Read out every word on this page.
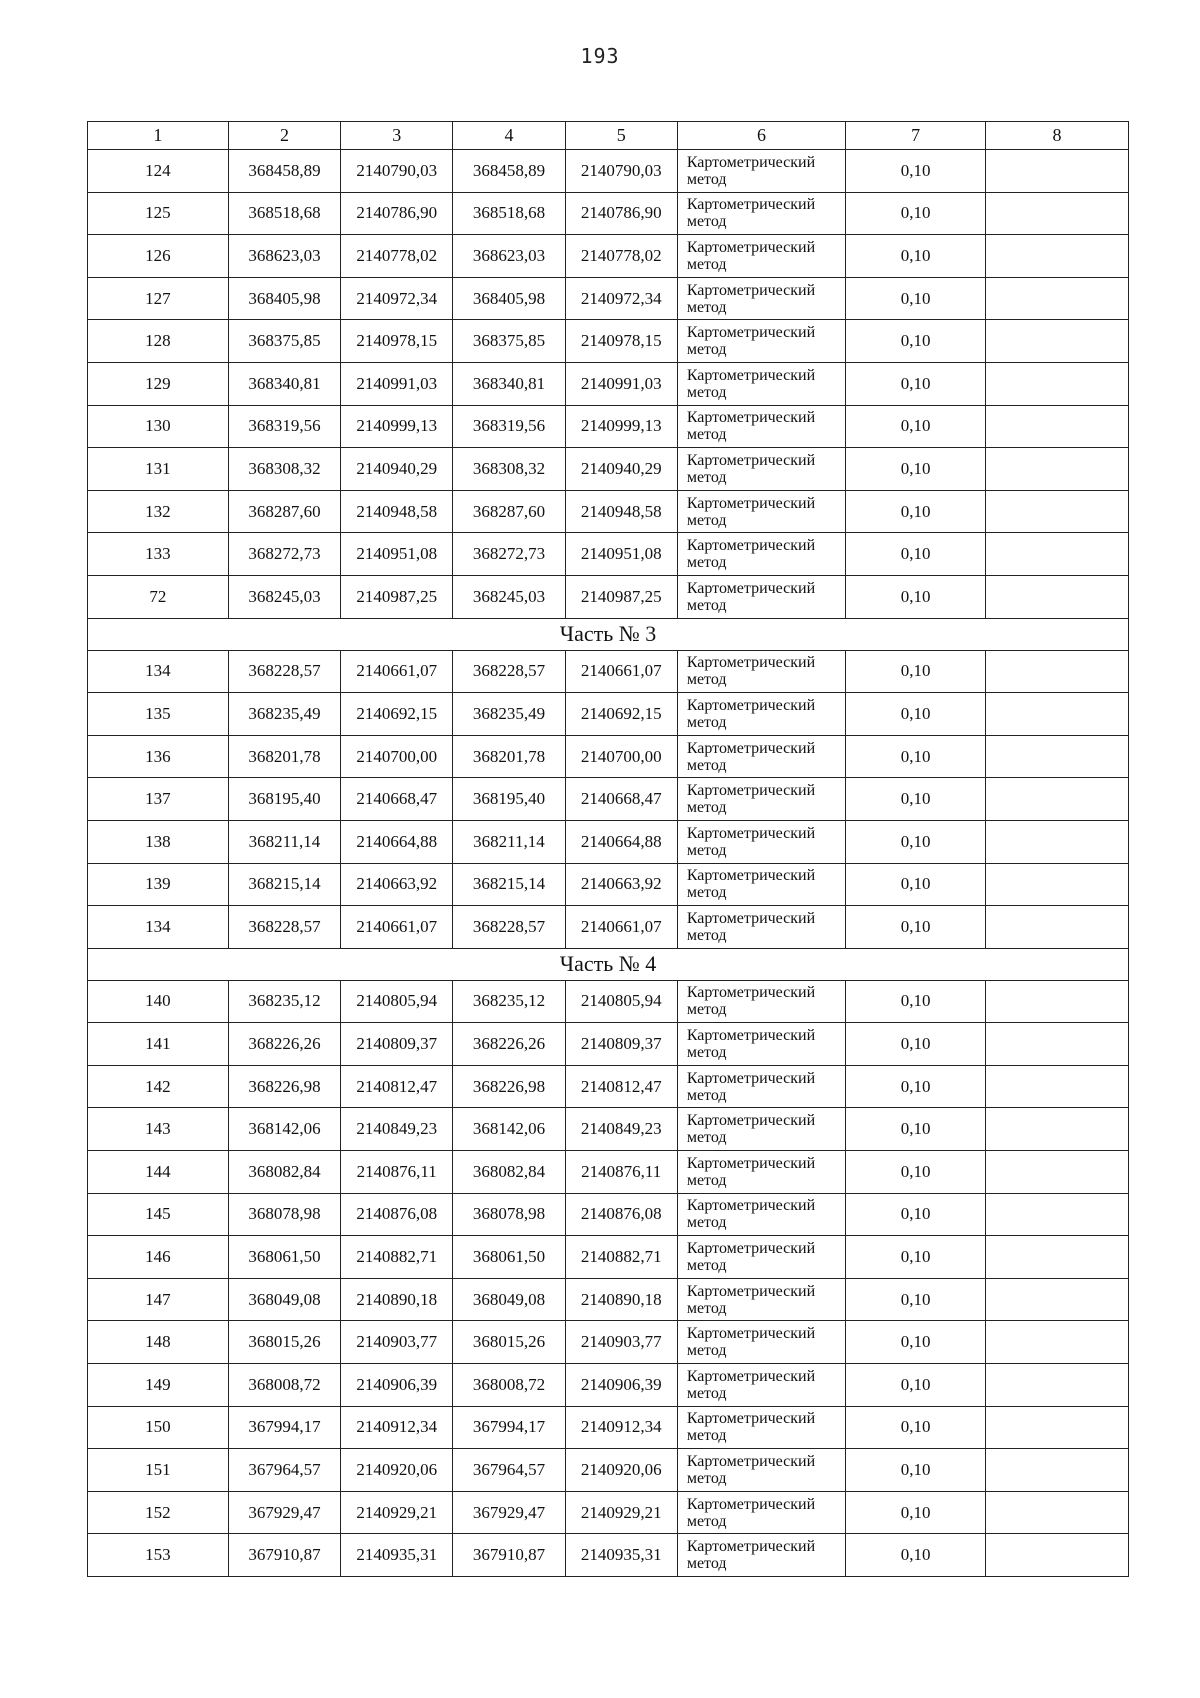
193
1	2	3	4	5	6	7	8
124	368458,89	2140790,03	368458,89	2140790,03	Картометрический метод	0,10	
125	368518,68	2140786,90	368518,68	2140786,90	Картометрический метод	0,10	
126	368623,03	2140778,02	368623,03	2140778,02	Картометрический метод	0,10	
127	368405,98	2140972,34	368405,98	2140972,34	Картометрический метод	0,10	
128	368375,85	2140978,15	368375,85	2140978,15	Картометрический метод	0,10	
129	368340,81	2140991,03	368340,81	2140991,03	Картометрический метод	0,10	
130	368319,56	2140999,13	368319,56	2140999,13	Картометрический метод	0,10	
131	368308,32	2140940,29	368308,32	2140940,29	Картометрический метод	0,10	
132	368287,60	2140948,58	368287,60	2140948,58	Картометрический метод	0,10	
133	368272,73	2140951,08	368272,73	2140951,08	Картометрический метод	0,10	
72	368245,03	2140987,25	368245,03	2140987,25	Картометрический метод	0,10	
Часть № 3							
134	368228,57	2140661,07	368228,57	2140661,07	Картометрический метод	0,10	
135	368235,49	2140692,15	368235,49	2140692,15	Картометрический метод	0,10	
136	368201,78	2140700,00	368201,78	2140700,00	Картометрический метод	0,10	
137	368195,40	2140668,47	368195,40	2140668,47	Картометрический метод	0,10	
138	368211,14	2140664,88	368211,14	2140664,88	Картометрический метод	0,10	
139	368215,14	2140663,92	368215,14	2140663,92	Картометрический метод	0,10	
134	368228,57	2140661,07	368228,57	2140661,07	Картометрический метод	0,10	
Часть № 4							
140	368235,12	2140805,94	368235,12	2140805,94	Картометрический метод	0,10	
141	368226,26	2140809,37	368226,26	2140809,37	Картометрический метод	0,10	
142	368226,98	2140812,47	368226,98	2140812,47	Картометрический метод	0,10	
143	368142,06	2140849,23	368142,06	2140849,23	Картометрический метод	0,10	
144	368082,84	2140876,11	368082,84	2140876,11	Картометрический метод	0,10	
145	368078,98	2140876,08	368078,98	2140876,08	Картометрический метод	0,10	
146	368061,50	2140882,71	368061,50	2140882,71	Картометрический метод	0,10	
147	368049,08	2140890,18	368049,08	2140890,18	Картометрический метод	0,10	
148	368015,26	2140903,77	368015,26	2140903,77	Картометрический метод	0,10	
149	368008,72	2140906,39	368008,72	2140906,39	Картометрический метод	0,10	
150	367994,17	2140912,34	367994,17	2140912,34	Картометрический метод	0,10	
151	367964,57	2140920,06	367964,57	2140920,06	Картометрический метод	0,10	
152	367929,47	2140929,21	367929,47	2140929,21	Картометрический метод	0,10	
153	367910,87	2140935,31	367910,87	2140935,31	Картометрический метод	0,10	
